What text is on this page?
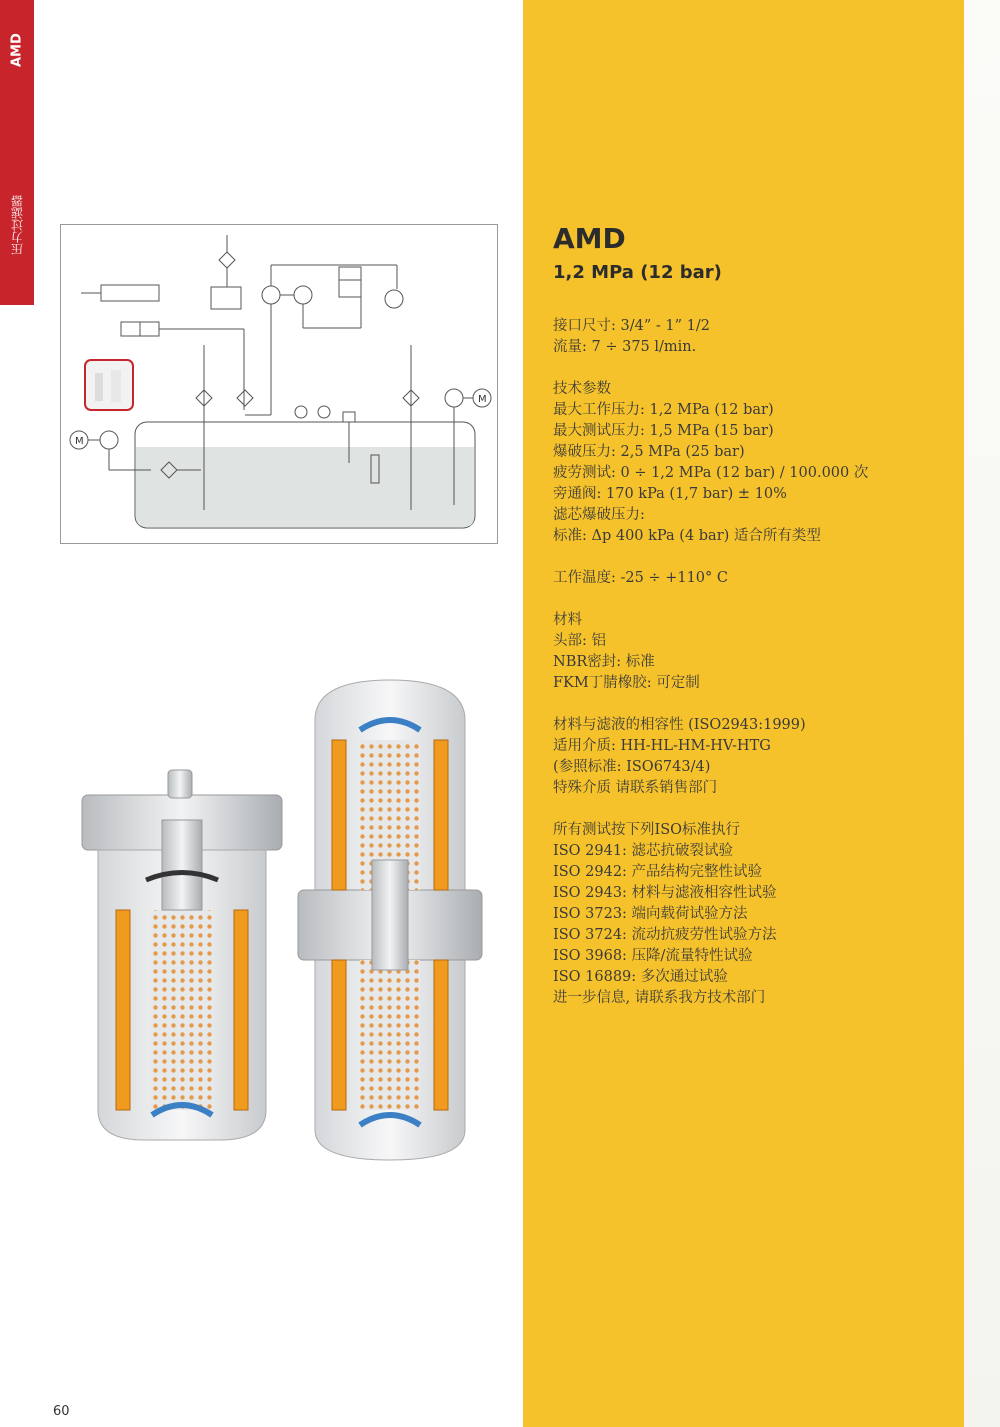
AMD
压力过滤器
M
M
AMD
1,2 MPa (12 bar)
接口尺寸: 3/4” - 1” 1/2
流量: 7 ÷ 375 l/min.
技术参数
最大工作压力: 1,2 MPa (12 bar)
最大测试压力: 1,5 MPa (15 bar)
爆破压力: 2,5 MPa (25 bar)
疲劳测试: 0 ÷ 1,2 MPa (12 bar) / 100.000 次
旁通阀: 170 kPa (1,7 bar) ± 10%
滤芯爆破压力:
标准: Δp 400 kPa (4 bar) 适合所有类型
工作温度: -25 ÷ +110° C
材料
头部: 铝
NBR密封: 标准
FKM丁腈橡胶: 可定制
材料与滤液的相容性 (ISO2943:1999)
适用介质: HH-HL-HM-HV-HTG
(参照标准: ISO6743/4)
特殊介质 请联系销售部门
所有测试按下列ISO标准执行
ISO 2941: 滤芯抗破裂试验
ISO 2942: 产品结构完整性试验
ISO 2943: 材料与滤液相容性试验
ISO 3723: 端向载荷试验方法
ISO 3724: 流动抗疲劳性试验方法
ISO 3968: 压降/流量特性试验
ISO 16889: 多次通过试验
进一步信息, 请联系我方技术部门
60
